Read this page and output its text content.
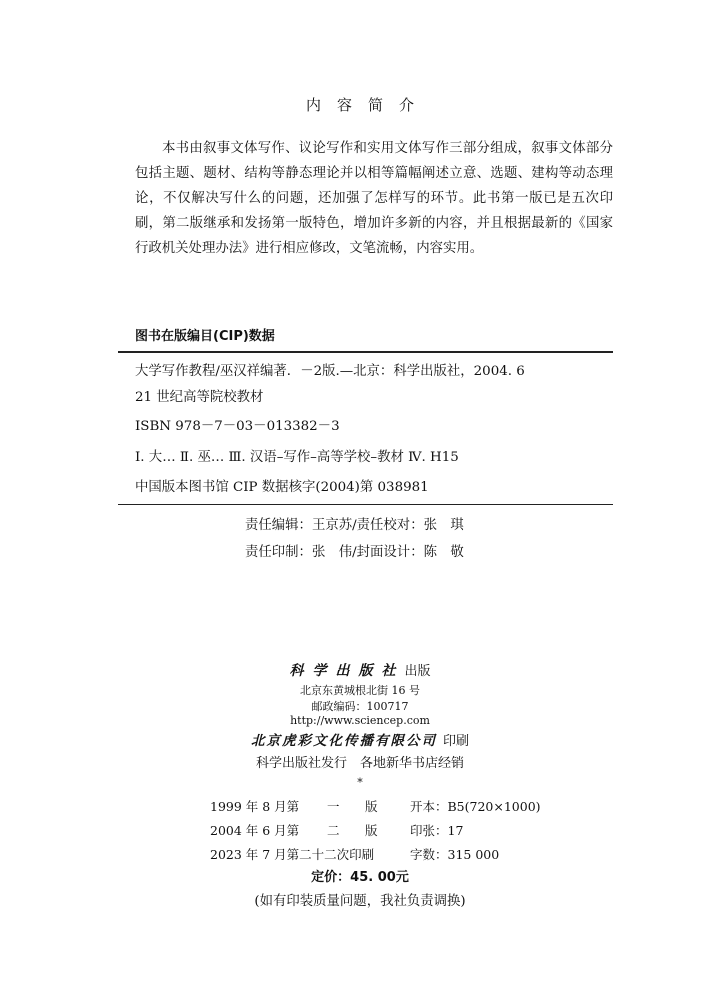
内容简介

本书由叙事文体写作、议论写作和实用文体写作三部分组成，叙事文体部分包括主题、题材、结构等静态理论并以相等篇幅阐述立意、选题、建构等动态理论，不仅解决写什么的问题，还加强了怎样写的环节。此书第一版已是五次印刷，第二版继承和发扬第一版特色，增加许多新的内容，并且根据最新的《国家行政机关处理办法》进行相应修改，文笔流畅，内容实用。

图书在版编目(CIP)数据
大学写作教程/巫汉祥编著．－2版.—北京：科学出版社，2004. 6
21 世纪高等院校教材
ISBN 978－7－03－013382－3
Ⅰ. 大… Ⅱ. 巫… Ⅲ. 汉语–写作–高等学校–教材 Ⅳ. H15
中国版本图书馆 CIP 数据核字(2004)第 038981
责任编辑：王京苏/责任校对：张　琪
责任印制：张　伟/封面设计：陈　敬
科学出版社出版
北京东黄城根北街 16 号
邮政编码：100717
http://www.sciencep.com
北京虎彩文化传播有限公司 印刷
科学出版社发行　各地新华书店经销
*
1999 年 8 月第 一 版	开本：B5(720×1000)
2004 年 6 月第 二 版	印张：17
2023 年 7 月第二十二次印刷	字数：315 000
定价：45. 00元
(如有印装质量问题，我社负责调换)
